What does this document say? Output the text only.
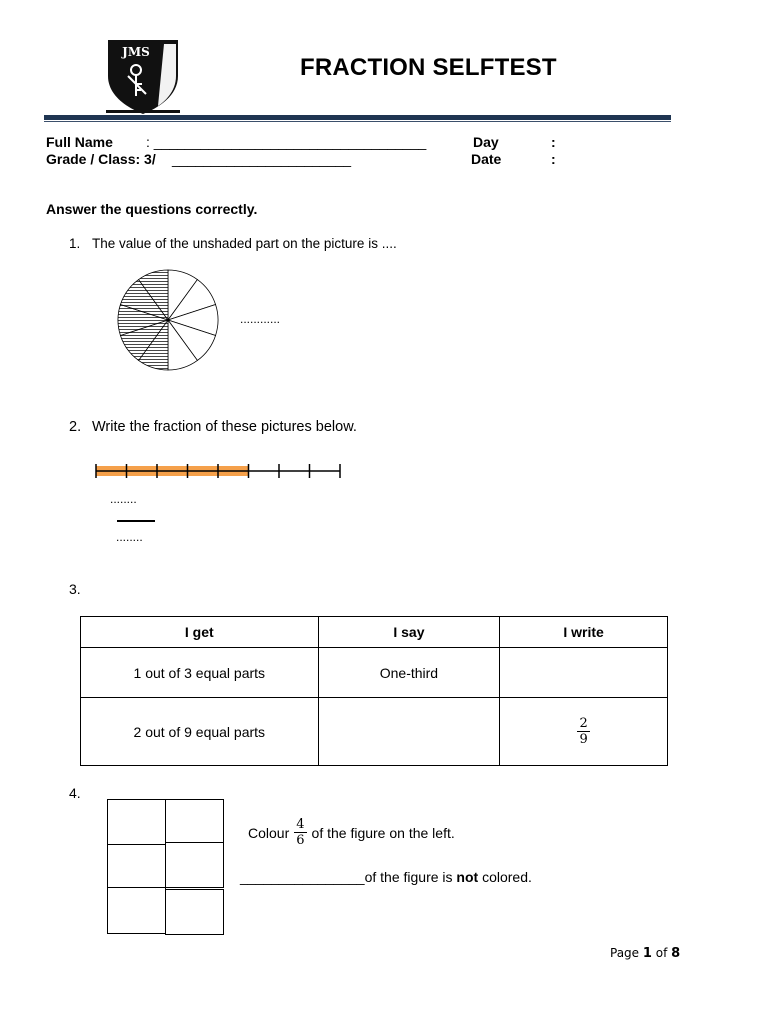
JMS
FRACTION SELFTEST
Full Name : ___________________________________
Grade / Class: 3/ _______________________
Day	:
Date	:
Answer the questions correctly.
1. The value of the unshaded part on the picture is ....
............
2. Write the fraction of these pictures below.
........
........
3.
I get	I say	I write
1 out of 3 equal parts	One-third	
2 out of 9 equal parts		$\frac{2}{9}$
4.
Colour $\frac{4}{6}$ of the figure on the left.
________________of the figure is not colored.
Page 1 of 8
